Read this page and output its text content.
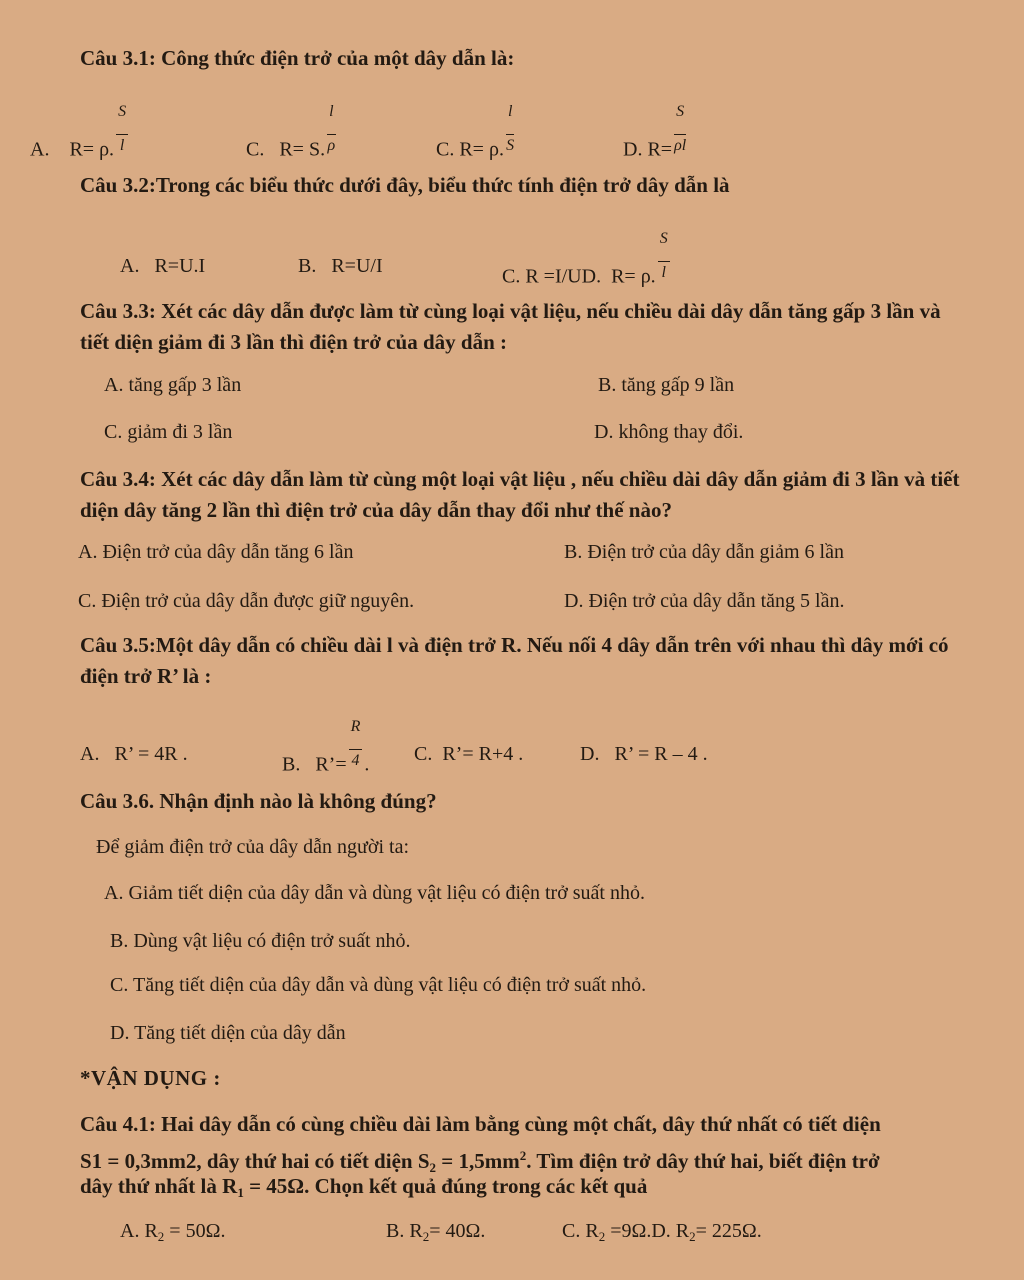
Câu 3.1: Công thức điện trở của một dây dẫn là:
A. R= ρ. $\frac{S}{l}$	C. R= S. $\frac{l}{\rho}$	C. R= ρ. $\frac{l}{S}$	D. $R= \frac{S}{\rho l}$
Câu 3.2:Trong các biểu thức dưới đây, biểu thức tính điện trở dây dẫn là
A. R=U.I	B. R=U/I	C. R =I/UD. R= ρ. $\frac{S}{l}$
Câu 3.3: Xét các dây dẫn được làm từ cùng loại vật liệu, nếu chiều dài dây dẫn tăng gấp 3 lần và tiết diện giảm đi 3 lần thì điện trở của dây dẫn :
A. tăng gấp 3 lần	B. tăng gấp 9 lần
C. giảm đi 3 lần	D. không thay đổi.
Câu 3.4: Xét các dây dẫn làm từ cùng một loại vật liệu , nếu chiều dài dây dẫn giảm đi 3 lần và tiết diện dây tăng 2 lần thì điện trở của dây dẫn thay đổi như thế nào?
A. Điện trở của dây dẫn tăng 6 lần	B. Điện trở của dây dẫn giảm 6 lần
C. Điện trở của dây dẫn được giữ nguyên.	D. Điện trở của dây dẫn tăng 5 lần.
Câu 3.5:Một dây dẫn có chiều dài l và điện trở R. Nếu nối 4 dây dẫn trên với nhau thì dây mới có điện trở R’ là :
A. R’ = 4R .	B. R’= $\frac{R}{4}$ . C. R’= R+4 .	D. R’ = R – 4 .
Câu 3.6. Nhận định nào là không đúng?
Để giảm điện trở của dây dẫn người ta:
A. Giảm tiết diện của dây dẫn và dùng vật liệu có điện trở suất nhỏ.
B. Dùng vật liệu có điện trở suất nhỏ.
C. Tăng tiết diện của dây dẫn và dùng vật liệu có điện trở suất nhỏ.
D. Tăng tiết diện của dây dẫn
*VẬN DỤNG :
Câu 4.1: Hai dây dẫn có cùng chiều dài làm bằng cùng một chất, dây thứ nhất có tiết diện
S1 = 0,3mm2, dây thứ hai có tiết diện $S_2 = 1,5mm^2$. Tìm điện trở dây thứ hai, biết điện trở
dây thứ nhất là $R_1 = 45\Omega$. Chọn kết quả đúng trong các kết quả
A. $R_2 = 50\Omega$.	B. $R_2= 40\Omega$.	C. $R_2 =9\Omega.D$. $R_2= 225\Omega$.
